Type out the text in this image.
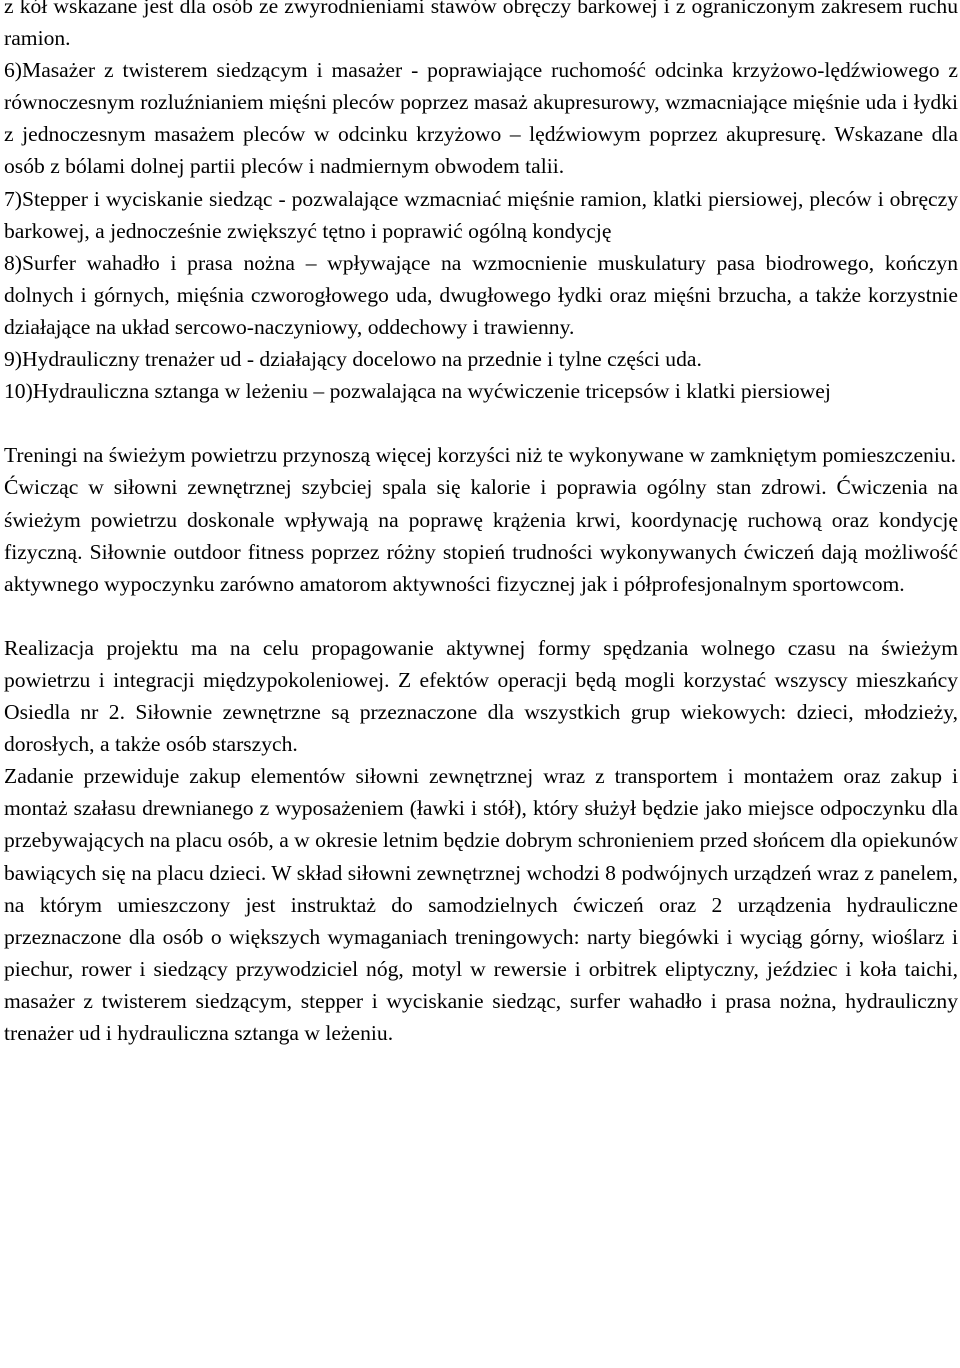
z kół wskazane jest dla osób ze zwyrodnieniami stawów obręczy barkowej i z ograniczonym zakresem ruchu ramion.

6)Masażer z twisterem siedzącym i masażer - poprawiające ruchomość odcinka krzyżowo-lędźwiowego z równoczesnym rozluźnianiem mięśni pleców poprzez masaż akupresurowy, wzmacniające mięśnie uda i łydki z jednoczesnym masażem pleców w odcinku krzyżowo – lędźwiowym poprzez akupresurę. Wskazane dla osób z bólami dolnej partii pleców i nadmiernym obwodem talii.

7)Stepper i wyciskanie siedząc - pozwalające wzmacniać mięśnie ramion, klatki piersiowej, pleców i obręczy barkowej, a jednocześnie zwiększyć tętno i poprawić ogólną kondycję

8)Surfer wahadło i prasa nożna – wpływające na wzmocnienie muskulatury pasa biodrowego, kończyn dolnych i górnych, mięśnia czworogłowego uda, dwugłowego łydki oraz mięśni brzucha, a także korzystnie działające na układ sercowo-naczyniowy, oddechowy i trawienny.

9)Hydrauliczny trenażer ud - działający docelowo na przednie i tylne części uda.

10)Hydrauliczna sztanga w leżeniu – pozwalająca na wyćwiczenie tricepsów i klatki piersiowej

Treningi na świeżym powietrzu przynoszą więcej korzyści niż te wykonywane w zamkniętym pomieszczeniu.

Ćwicząc w siłowni zewnętrznej szybciej spala się kalorie i poprawia ogólny stan zdrowi. Ćwiczenia na świeżym powietrzu doskonale wpływają na poprawę krążenia krwi, koordynację ruchową oraz kondycję fizyczną. Siłownie outdoor fitness poprzez różny stopień trudności wykonywanych ćwiczeń dają możliwość aktywnego wypoczynku zarówno amatorom aktywności fizycznej jak i półprofesjonalnym sportowcom.

Realizacja projektu ma na celu propagowanie aktywnej formy spędzania wolnego czasu na świeżym powietrzu i integracji międzypokoleniowej. Z efektów operacji będą mogli korzystać wszyscy mieszkańcy Osiedla nr 2. Siłownie zewnętrzne są przeznaczone dla wszystkich grup wiekowych: dzieci, młodzieży, dorosłych, a także osób starszych.

Zadanie przewiduje zakup elementów siłowni zewnętrznej wraz z transportem i montażem oraz zakup i montaż szałasu drewnianego z wyposażeniem (ławki i stół), który służył będzie jako miejsce odpoczynku dla przebywających na placu osób, a w okresie letnim będzie dobrym schronieniem przed słońcem dla opiekunów bawiących się na placu dzieci. W skład siłowni zewnętrznej wchodzi 8 podwójnych urządzeń wraz z panelem, na którym umieszczony jest instruktaż do samodzielnych ćwiczeń oraz 2 urządzenia hydrauliczne przeznaczone dla osób o większych wymaganiach treningowych: narty biegówki i wyciąg górny, wioślarz i piechur, rower i siedzący przywodziciel nóg, motyl w rewersie i orbitrek eliptyczny, jeździec i koła taichi, masażer z twisterem siedzącym, stepper i wyciskanie siedząc, surfer wahadło i prasa nożna, hydrauliczny trenażer ud i hydrauliczna sztanga w leżeniu.
